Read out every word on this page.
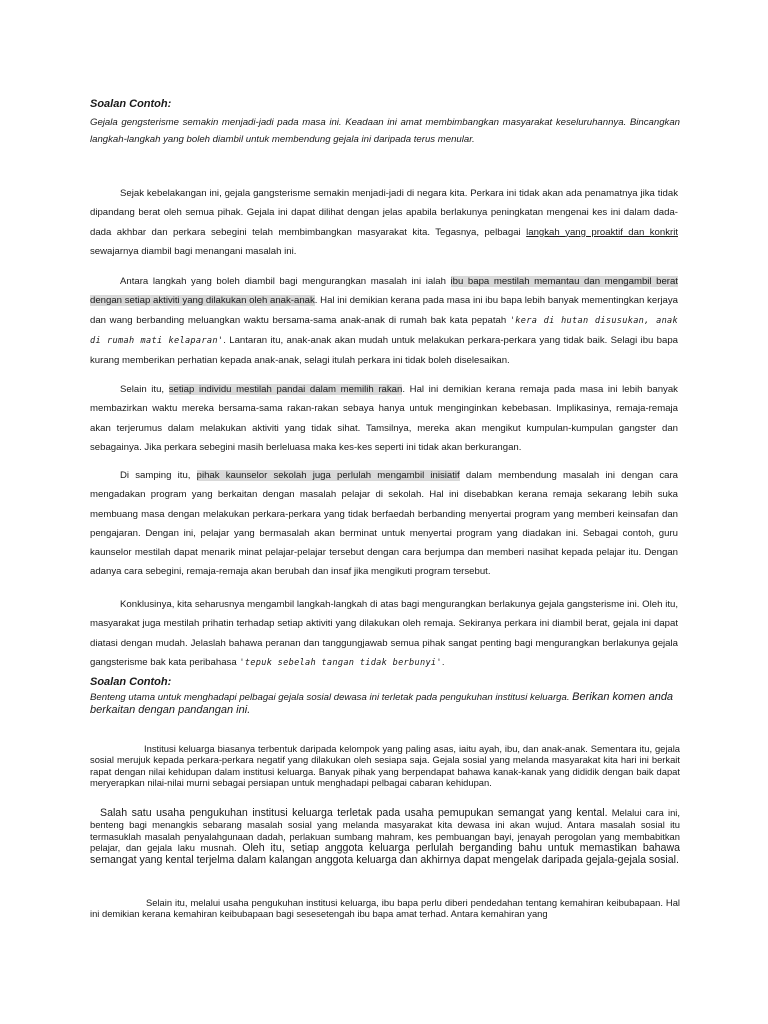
Soalan Contoh:
Gejala gengsterisme semakin menjadi-jadi pada masa ini. Keadaan ini amat membimbangkan masyarakat keseluruhannya. Bincangkan langkah-langkah yang boleh diambil untuk membendung gejala ini daripada terus menular.
Sejak kebelakangan ini, gejala gangsterisme semakin menjadi-jadi di negara kita. Perkara ini tidak akan ada penamatnya jika tidak dipandang berat oleh semua pihak. Gejala ini dapat dilihat dengan jelas apabila berlakunya peningkatan mengenai kes ini dalam dada-dada akhbar dan perkara sebegini telah membimbangkan masyarakat kita. Tegasnya, pelbagai langkah yang proaktif dan konkrit sewajarnya diambil bagi menangani masalah ini.
Antara langkah yang boleh diambil bagi mengurangkan masalah ini ialah ibu bapa mestilah memantau dan mengambil berat dengan setiap aktiviti yang dilakukan oleh anak-anak. Hal ini demikian kerana pada masa ini ibu bapa lebih banyak mementingkan kerjaya dan wang berbanding meluangkan waktu bersama-sama anak-anak di rumah bak kata pepatah 'kera di hutan disusukan, anak di rumah mati kelaparan'. Lantaran itu, anak-anak akan mudah untuk melakukan perkara-perkara yang tidak baik. Selagi ibu bapa kurang memberikan perhatian kepada anak-anak, selagi itulah perkara ini tidak boleh diselesaikan.
Selain itu, setiap individu mestilah pandai dalam memilih rakan. Hal ini demikian kerana remaja pada masa ini lebih banyak membazirkan waktu mereka bersama-sama rakan-rakan sebaya hanya untuk menginginkan kebebasan. Implikasinya, remaja-remaja akan terjerumus dalam melakukan aktiviti yang tidak sihat. Tamsilnya, mereka akan mengikut kumpulan-kumpulan gangster dan sebagainya. Jika perkara sebegini masih berleluasa maka kes-kes seperti ini tidak akan berkurangan.
Di samping itu, pihak kaunselor sekolah juga perlulah mengambil inisiatif dalam membendung masalah ini dengan cara mengadakan program yang berkaitan dengan masalah pelajar di sekolah. Hal ini disebabkan kerana remaja sekarang lebih suka membuang masa dengan melakukan perkara-perkara yang tidak berfaedah berbanding menyertai program yang memberi keinsafan dan pengajaran. Dengan ini, pelajar yang bermasalah akan berminat untuk menyertai program yang diadakan ini. Sebagai contoh, guru kaunselor mestilah dapat menarik minat pelajar-pelajar tersebut dengan cara berjumpa dan memberi nasihat kepada pelajar itu. Dengan adanya cara sebegini, remaja-remaja akan berubah dan insaf jika mengikuti program tersebut.
Konklusinya, kita seharusnya mengambil langkah-langkah di atas bagi mengurangkan berlakunya gejala gangsterisme ini. Oleh itu, masyarakat juga mestilah prihatin terhadap setiap aktiviti yang dilakukan oleh remaja. Sekiranya perkara ini diambil berat, gejala ini dapat diatasi dengan mudah. Jelaslah bahawa peranan dan tanggungjawab semua pihak sangat penting bagi mengurangkan berlakunya gejala gangsterisme bak kata peribahasa 'tepuk sebelah tangan tidak berbunyi'.
Soalan Contoh:
Benteng utama untuk menghadapi pelbagai gejala sosial dewasa ini terletak pada pengukuhan institusi keluarga. Berikan komen anda berkaitan dengan pandangan ini.
Institusi keluarga biasanya terbentuk daripada kelompok yang paling asas, iaitu ayah, ibu, dan anak-anak. Sementara itu, gejala sosial merujuk kepada perkara-perkara negatif yang dilakukan oleh sesiapa saja. Gejala sosial yang melanda masyarakat kita hari ini berkait rapat dengan nilai kehidupan dalam institusi keluarga. Banyak pihak yang berpendapat bahawa kanak-kanak yang dididik dengan baik dapat meryerapkan nilai-nilai murni sebagai persiapan untuk menghadapi pelbagai cabaran kehidupan.
Salah satu usaha pengukuhan institusi keluarga terletak pada usaha pemupukan semangat yang kental. Melalui cara ini, benteng bagi menangkis sebarang masalah sosial yang melanda masyarakat kita dewasa ini akan wujud. Antara masalah sosial itu termasuklah masalah penyalahgunaan dadah, perlakuan sumbang mahram, kes pembuangan bayi, jenayah perogolan yang membabitkan pelajar, dan gejala laku musnah. Oleh itu, setiap anggota keluarga perlulah berganding bahu untuk memastikan bahawa semangat yang kental terjelma dalam kalangan anggota keluarga dan akhirnya dapat mengelak daripada gejala-gejala sosial.
Selain itu, melalui usaha pengukuhan institusi keluarga, ibu bapa perlu diberi pendedahan tentang kemahiran keibubapaan. Hal ini demikian kerana kemahiran keibubapaan bagi sesesetengah ibu bapa amat terhad. Antara kemahiran yang
